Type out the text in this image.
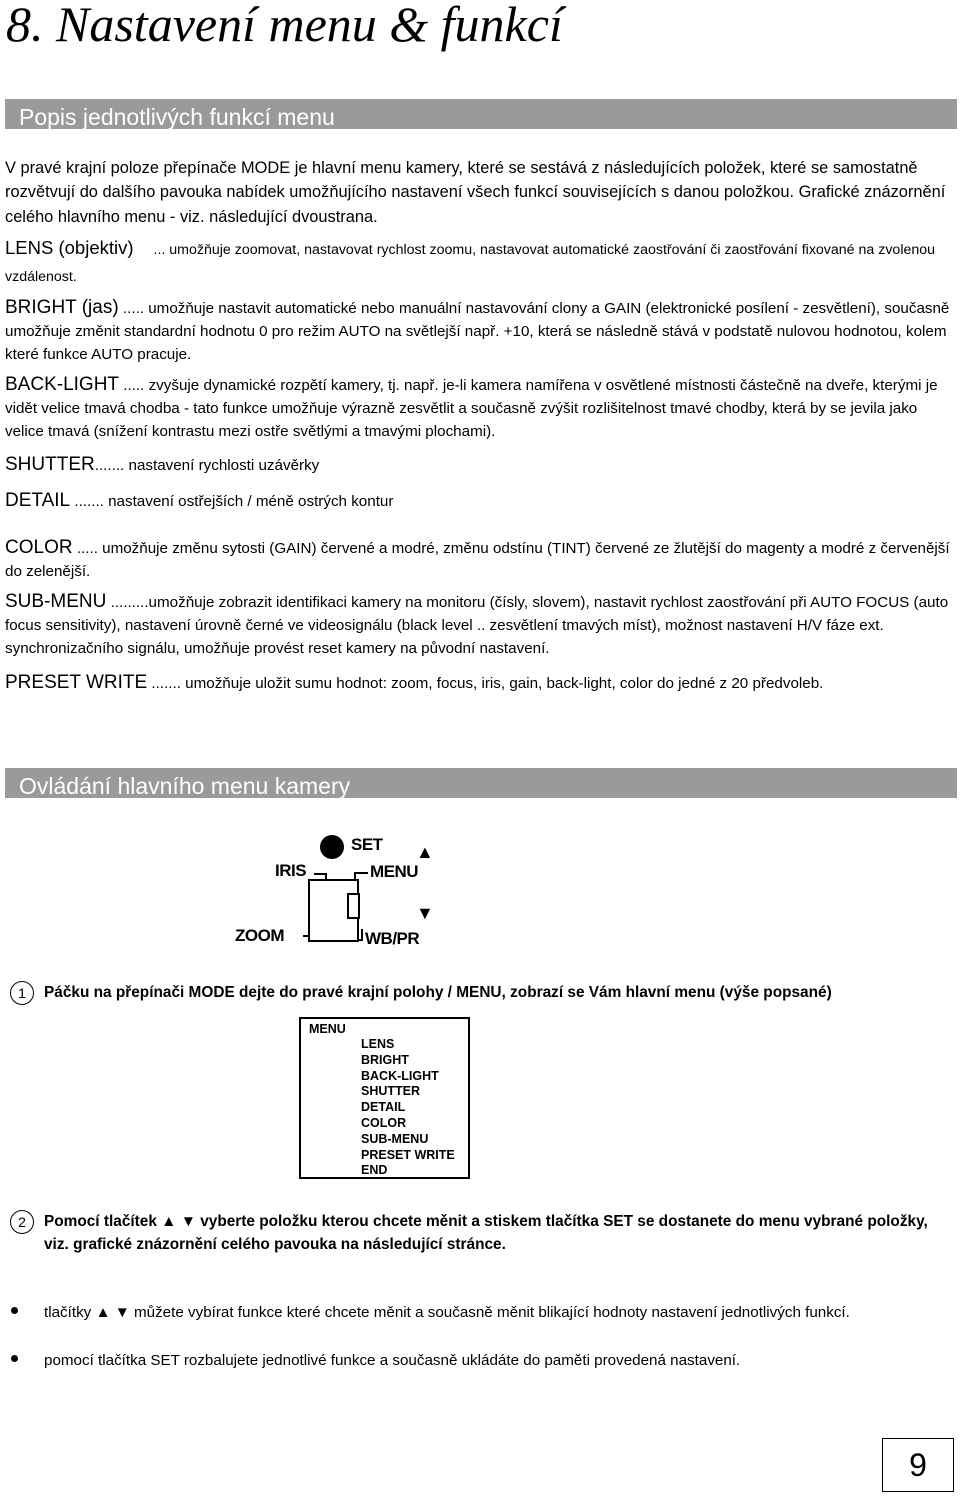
8. Nastavení menu & funkcí
Popis jednotlivých funkcí menu
V pravé krajní poloze přepínače MODE je hlavní menu kamery, které se sestává z následujících položek, které se samostatně rozvětvují do dalšího pavouka nabídek umožňujícího nastavení všech funkcí souvisejících s danou položkou. Grafické znázornění celého hlavního menu - viz. následující dvoustrana.
LENS (objektiv) ... umožňuje zoomovat, nastavovat rychlost zoomu, nastavovat automatické zaostřování či zaostřování fixované na zvolenou vzdálenost.
BRIGHT (jas) ..... umožňuje nastavit automatické nebo manuální nastavování clony a GAIN (elektronické posílení - zesvětlení), současně umožňuje změnit standardní hodnotu 0 pro režim AUTO na světlejší např. +10, která se následně stává v podstatě nulovou hodnotou, kolem které funkce AUTO pracuje.
BACK-LIGHT ..... zvyšuje dynamické rozpětí kamery, tj. např. je-li kamera namířena v osvětlené místnosti částečně na dveře, kterými je vidět velice tmavá chodba - tato funkce umožňuje výrazně zesvětlit a současně zvýšit rozlišitelnost tmavé chodby, která by se jevila jako velice tmavá (snížení kontrastu mezi ostře světlými a tmavými plochami).
SHUTTER....... nastavení rychlosti uzávěrky
DETAIL ....... nastavení ostřejších / méně ostrých kontur
COLOR ..... umožňuje změnu sytosti (GAIN) červené a modré, změnu odstínu (TINT) červené ze žlutější do magenty a modré z červenější do zelenější.
SUB-MENU .........umožňuje zobrazit identifikaci kamery na monitoru (čísly, slovem), nastavit rychlost zaostřování při AUTO FOCUS (auto focus sensitivity), nastavení úrovně černé ve videosignálu (black level .. zesvětlení tmavých míst), možnost nastavení H/V fáze ext. synchronizačního signálu, umožňuje provést reset kamery na původní nastavení.
PRESET WRITE ....... umožňuje uložit sumu hodnot: zoom, focus, iris, gain, back-light, color do jedné z 20 předvoleb.
Ovládání hlavního menu kamery
SET
IRIS	MENU
ZOOM	WB/PR
▲
▼
1	Páčku na přepínači MODE dejte do pravé krajní polohy / MENU, zobrazí se Vám hlavní menu (výše popsané)
MENU
LENS
BRIGHT
BACK-LIGHT
SHUTTER
DETAIL
COLOR
SUB-MENU
PRESET WRITE
END
2	Pomocí tlačítek ▲ ▼ vyberte položku kterou chcete měnit a stiskem tlačítka SET se dostanete do menu vybrané položky, viz. grafické znázornění celého pavouka na následující stránce.
tlačítky ▲ ▼ můžete vybírat funkce které chcete měnit a současně měnit blikající hodnoty nastavení jednotlivých funkcí.
pomocí tlačítka SET rozbalujete jednotlivé funkce a současně ukládáte do paměti provedená nastavení.
9
